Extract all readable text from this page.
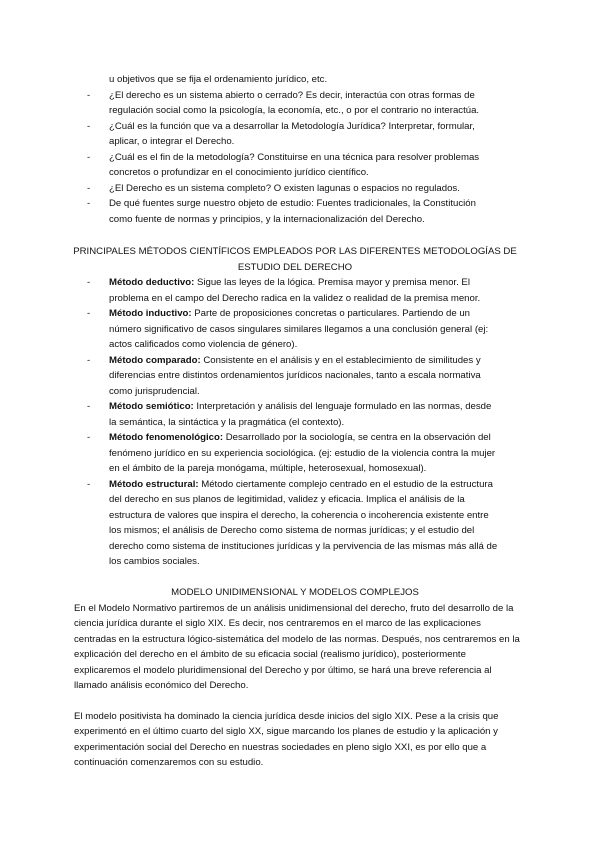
u objetivos que se fija el ordenamiento jurídico, etc.
- ¿El derecho es un sistema abierto o cerrado? Es decir, interactúa con otras formas de regulación social como la psicología, la economía, etc., o por el contrario no interactúa.
- ¿Cuál es la función que va a desarrollar la Metodología Jurídica? Interpretar, formular, aplicar, o integrar el Derecho.
- ¿Cuál es el fin de la metodología? Constituirse en una técnica para resolver problemas concretos o profundizar en el conocimiento jurídico científico.
- ¿El Derecho es un sistema completo? O existen lagunas o espacios no regulados.
- De qué fuentes surge nuestro objeto de estudio: Fuentes tradicionales, la Constitución como fuente de normas y principios, y la internacionalización del Derecho.
PRINCIPALES MÉTODOS CIENTÍFICOS EMPLEADOS POR LAS DIFERENTES METODOLOGÍAS DE ESTUDIO DEL DERECHO
- Método deductivo: Sigue las leyes de la lógica. Premisa mayor y premisa menor. El problema en el campo del Derecho radica en la validez o realidad de la premisa menor.
- Método inductivo: Parte de proposiciones concretas o particulares. Partiendo de un número significativo de casos singulares similares llegamos a una conclusión general (ej: actos calificados como violencia de género).
- Método comparado: Consistente en el análisis y en el establecimiento de similitudes y diferencias entre distintos ordenamientos jurídicos nacionales, tanto a escala normativa como jurisprudencial.
- Método semiótico: Interpretación y análisis del lenguaje formulado en las normas, desde la semántica, la sintáctica y la pragmática (el contexto).
- Método fenomenológico: Desarrollado por la sociología, se centra en la observación del fenómeno jurídico en su experiencia sociológica. (ej: estudio de la violencia contra la mujer en el ámbito de la pareja monógama, múltiple, heterosexual, homosexual).
- Método estructural: Método ciertamente complejo centrado en el estudio de la estructura del derecho en sus planos de legitimidad, validez y eficacia. Implica el análisis de la estructura de valores que inspira el derecho, la coherencia o incoherencia existente entre los mismos; el análisis de Derecho como sistema de normas jurídicas; y el estudio del derecho como sistema de instituciones jurídicas y la pervivencia de las mismas más allá de los cambios sociales.
MODELO UNIDIMENSIONAL Y MODELOS COMPLEJOS

En el Modelo Normativo partiremos de un análisis unidimensional del derecho, fruto del desarrollo de la ciencia jurídica durante el siglo XIX. Es decir, nos centraremos en el marco de las explicaciones centradas en la estructura lógico-sistemática del modelo de las normas. Después, nos centraremos en la explicación del derecho en el ámbito de su eficacia social (realismo jurídico), posteriormente explicaremos el modelo pluridimensional del Derecho y por último, se hará una breve referencia al llamado análisis económico del Derecho.

El modelo positivista ha dominado la ciencia jurídica desde inicios del siglo XIX. Pese a la crisis que experimentó en el último cuarto del siglo XX, sigue marcando los planes de estudio y la aplicación y experimentación social del Derecho en nuestras sociedades en pleno siglo XXI, es por ello que a continuación comenzaremos con su estudio.
